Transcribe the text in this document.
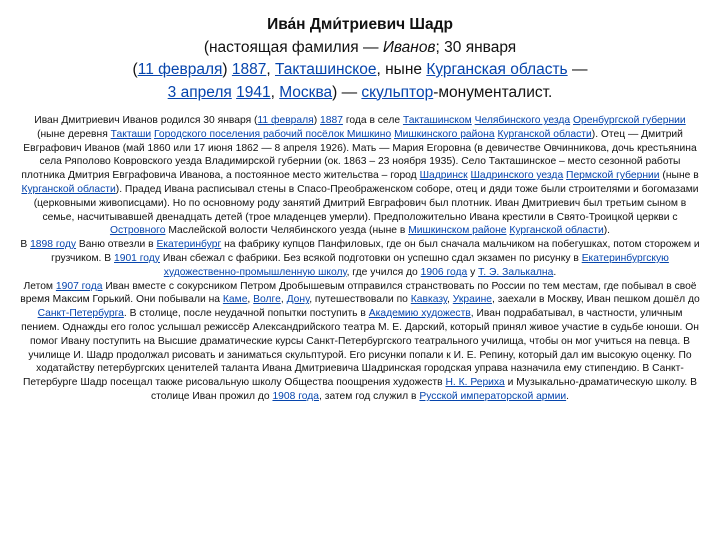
Ива́н Дми́триевич Шадр
(настоящая фамилия — Иванов; 30 января
(11 февраля) 1887, Такташинское, ныне Курганская область —
3 апреля 1941, Москва) — скульптор-монументалист.
Иван Дмитриевич Иванов родился 30 января (11 февраля) 1887 года в селе Такташинском Челябинского уезда Оренбургской губернии (ныне деревня Такташи Городского поселения рабочий посёлок Мишкино Мишкинского района Курганской области). Отец — Дмитрий Евграфович Иванов (май 1860 или 17 июня 1862 — 8 апреля 1926). Мать — Мария Егоровна (в девичестве Овчинникова, дочь крестьянина села Ряполово Ковровского уезда Владимирской губернии (ок. 1863 – 23 ноября 1935). Село Такташинское – место сезонной работы плотника Дмитрия Евграфовича Иванова, а постоянное место жительства – город Шадринск Шадринского уезда Пермской губернии (ныне в Курганской области). Прадед Ивана расписывал стены в Спасо-Преображенском соборе, отец и дяди тоже были строителями и богомазами (церковными живописцами). Но по основному роду занятий Дмитрий Евграфович был плотник. Иван Дмитриевич был третьим сыном в семье, насчитывавшей двенадцать детей (трое младенцев умерли). Предположительно Ивана крестили в Свято-Троицкой церкви с Островного Маслейской волости Челябинского уезда (ныне в Мишкинском районе Курганской области).
В 1898 году Ваню отвезли в Екатеринбург на фабрику купцов Панфиловых, где он был сначала мальчиком на побегушках, потом сторожем и грузчиком. В 1901 году Иван сбежал с фабрики. Без всякой подготовки он успешно сдал экзамен по рисунку в Екатеринбургскую художественно-промышленную школу, где учился до 1906 года у Т. Э. Залькална.
Летом 1907 года Иван вместе с сокурсником Петром Дробышевым отправился странствовать по России по тем местам, где побывал в своё время Максим Горький. Они побывали на Каме, Волге, Дону, путешествовали по Кавказу, Украине, заехали в Москву, Иван пешком дошёл до Санкт-Петербурга. В столице, после неудачной попытки поступить в Академию художеств, Иван подрабатывал, в частности, уличным пением. Однажды его голос услышал режиссёр Александрийского театра М. Е. Дарский, который принял живое участие в судьбе юноши. Он помог Ивану поступить на Высшие драматические курсы Санкт-Петербургского театрального училища, чтобы он мог учиться на певца. В училище И. Шадр продолжал рисовать и заниматься скульптурой. Его рисунки попали к И. Е. Репину, который дал им высокую оценку. По ходатайству петербургских ценителей таланта Ивана Дмитриевича Шадринская городская управа назначила ему стипендию. В Санкт-Петербурге Шадр посещал также рисовальную школу Общества поощрения художеств Н. К. Рериха и Музыкально-драматическую школу. В столице Иван прожил до 1908 года, затем год служил в Русской императорской армии.
